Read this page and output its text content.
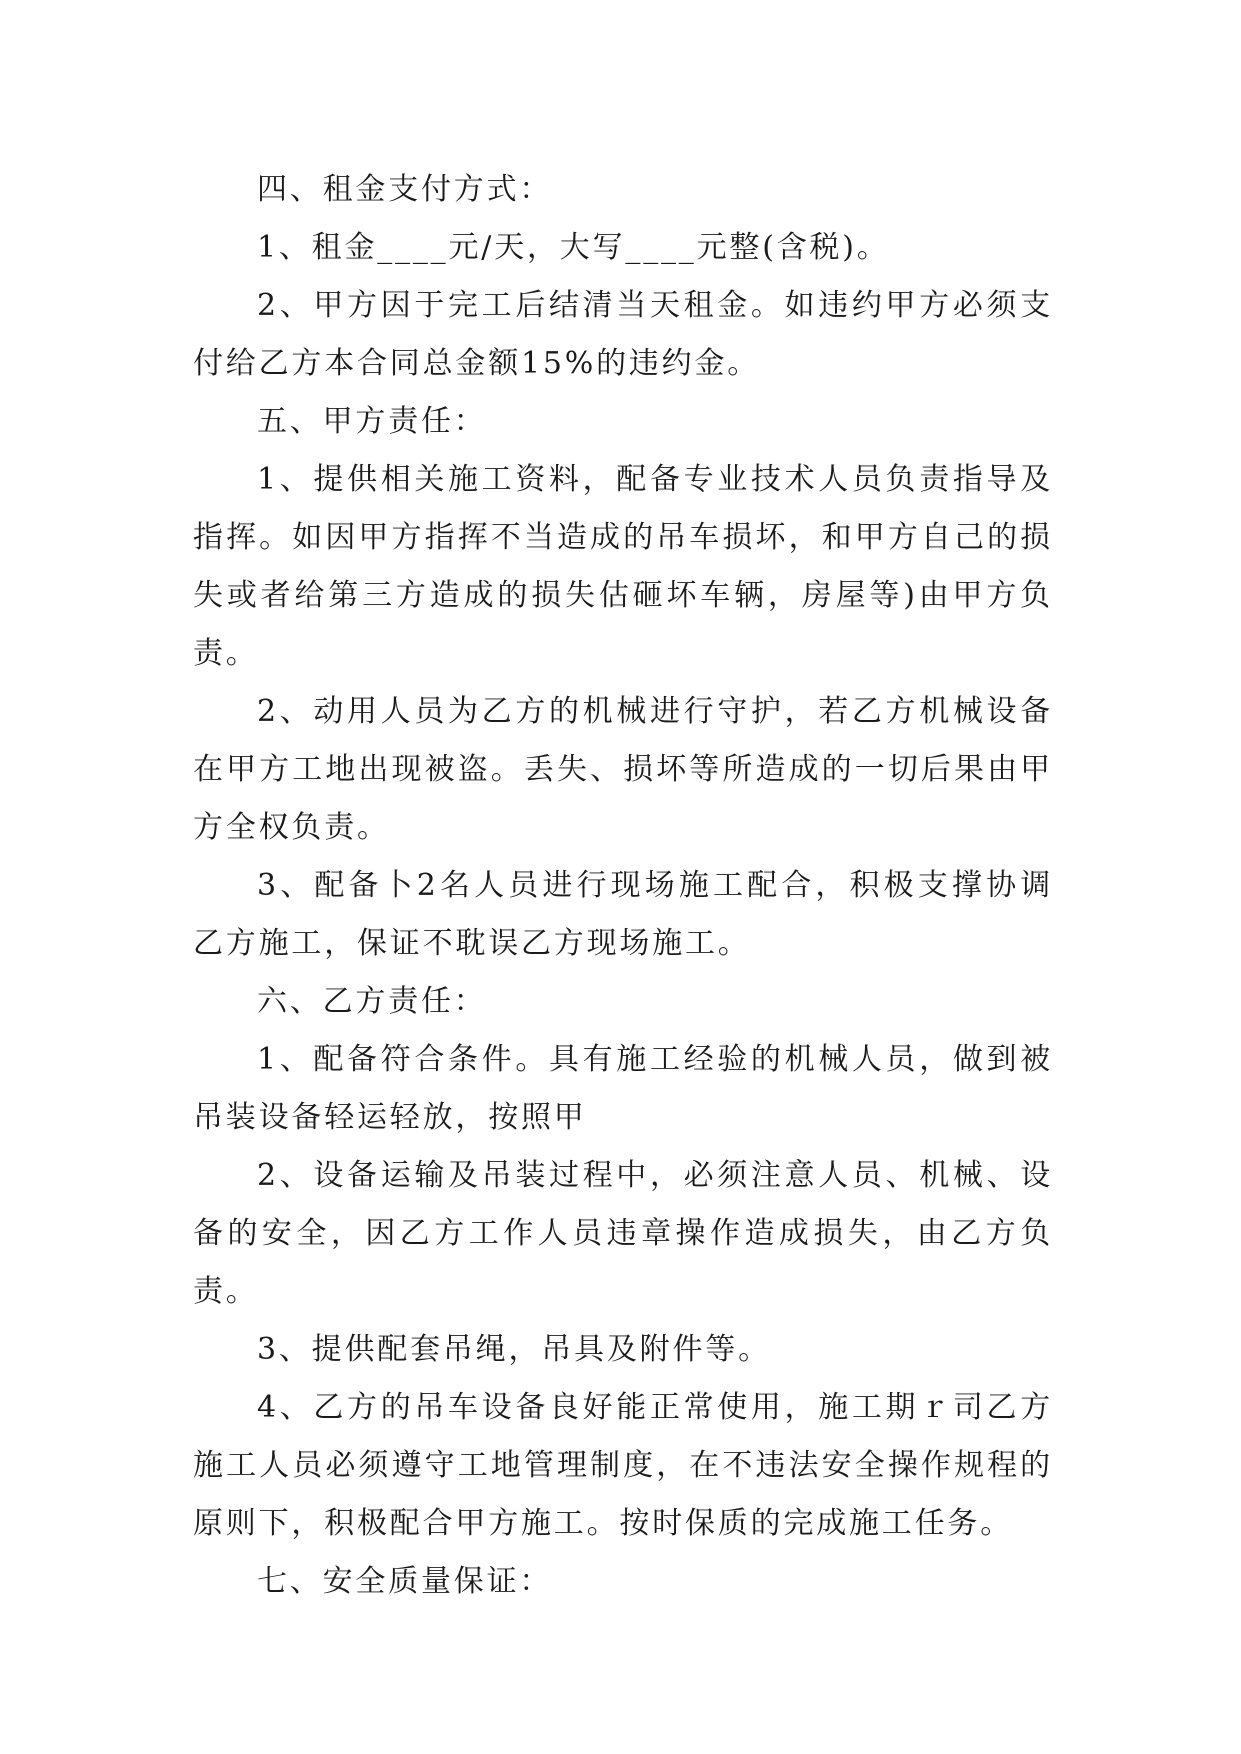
四、租金支付方式：

1、租金____元/天，大写____元整(含税)。

2、甲方因于完工后结清当天租金。如违约甲方必须支付给乙方本合同总金额15%的违约金。

五、甲方责任：

1、提供相关施工资料，配备专业技术人员负责指导及指挥。如因甲方指挥不当造成的吊车损坏，和甲方自己的损失或者给第三方造成的损失估砸坏车辆，房屋等)由甲方负责。

2、动用人员为乙方的机械进行守护，若乙方机械设备在甲方工地出现被盗。丢失、损坏等所造成的一切后果由甲方全权负责。

3、配备卜2名人员进行现场施工配合，积极支撑协调乙方施工，保证不耽误乙方现场施工。

六、乙方责任：

1、配备符合条件。具有施工经验的机械人员，做到被吊装设备轻运轻放，按照甲

2、设备运输及吊装过程中，必须注意人员、机械、设备的安全，因乙方工作人员违章操作造成损失，由乙方负责。

3、提供配套吊绳，吊具及附件等。

4、乙方的吊车设备良好能正常使用，施工期ｒ司乙方施工人员必须遵守工地管理制度，在不违法安全操作规程的原则下，积极配合甲方施工。按时保质的完成施工任务。

七、安全质量保证：
